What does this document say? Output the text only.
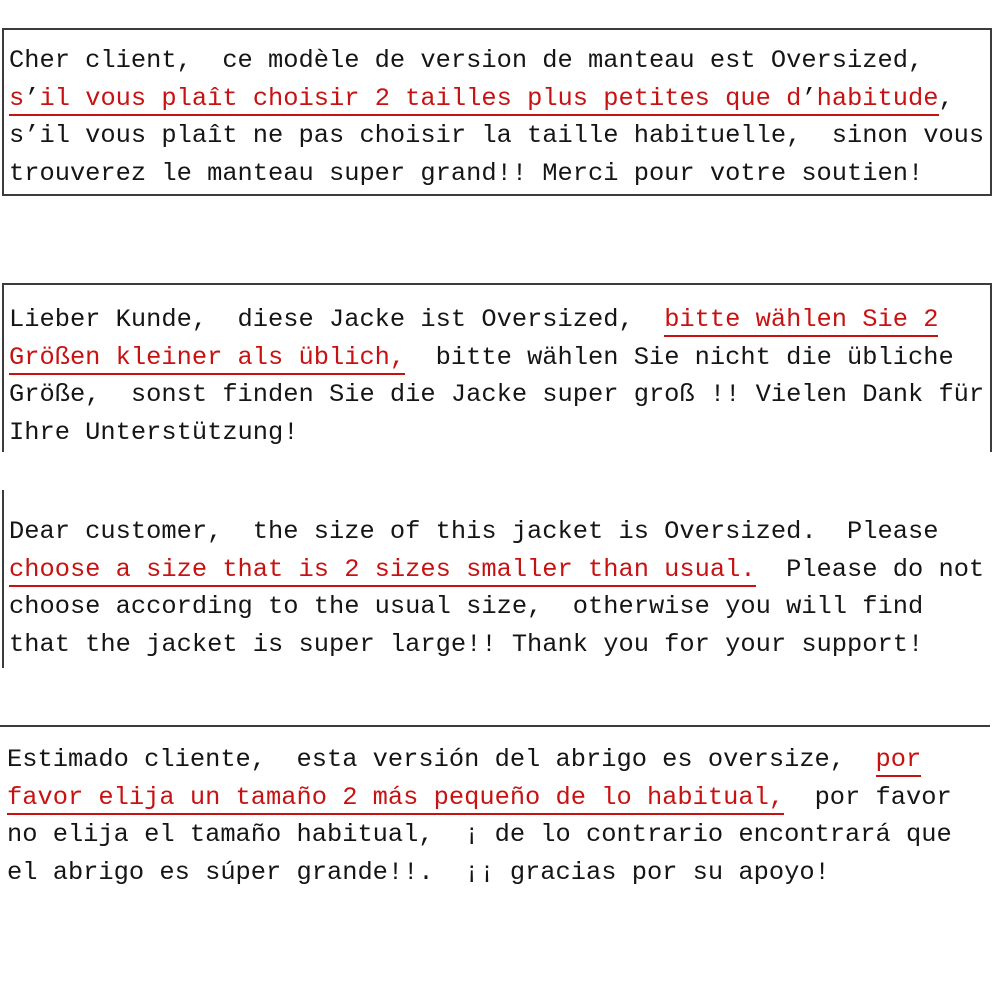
Cher client,  ce modèle de version de manteau est Oversized,
s’il vous plaît choisir 2 tailles plus petites que d’habitude,
s’il vous plaît ne pas choisir la taille habituelle,  sinon vous
trouverez le manteau super grand!! Merci pour votre soutien!
Lieber Kunde,  diese Jacke ist Oversized,  bitte wählen Sie 2
Größen kleiner als üblich,  bitte wählen Sie nicht die übliche
Größe,  sonst finden Sie die Jacke super groß !! Vielen Dank für
Ihre Unterstützung!
Dear customer,  the size of this jacket is Oversized.  Please
choose a size that is 2 sizes smaller than usual.  Please do not
choose according to the usual size,  otherwise you will find
that the jacket is super large!! Thank you for your support!
Estimado cliente,  esta versión del abrigo es oversize,  por
favor elija un tamaño 2 más pequeño de lo habitual,  por favor
no elija el tamaño habitual,  ¡ de lo contrario encontrará que
el abrigo es súper grande!!.  ¡¡ gracias por su apoyo!
